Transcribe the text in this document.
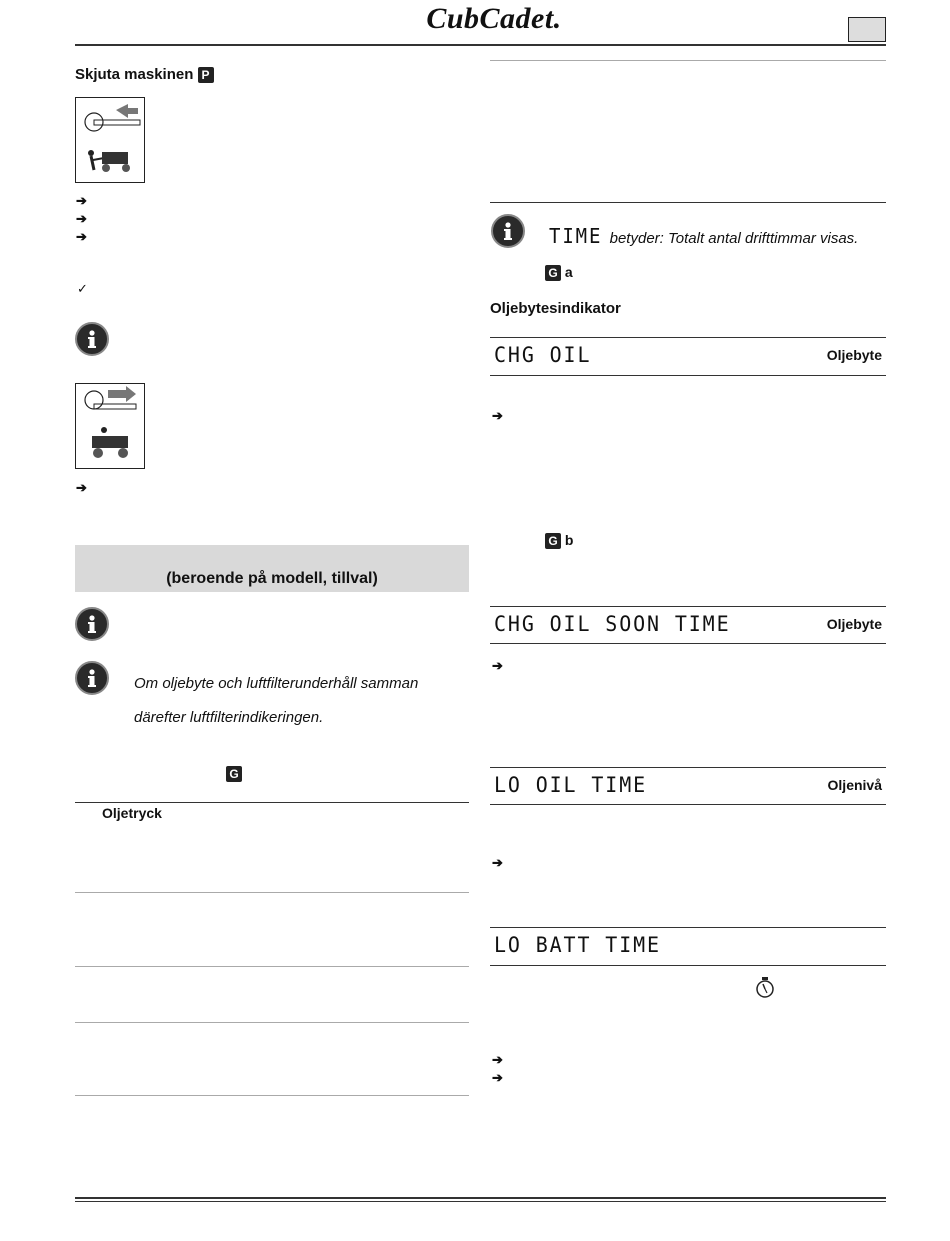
CubCadet.
Skjuta maskinen P
➔
➔
➔
✓
➔
(beroende på modell, tillval)
Om oljebyte och luftfilterunderhåll samman
därefter luftfilterindikeringen.
G
Oljetryck
TIME betyder: Totalt antal drifttimmar visas.
G a
Oljebytesindikator
CHG OIL	Oljebyte
➔
G b
CHG OIL SOON TIME	Oljebyte
➔
LO OIL TIME	Oljenivå
➔
LO BATT TIME
➔
➔
